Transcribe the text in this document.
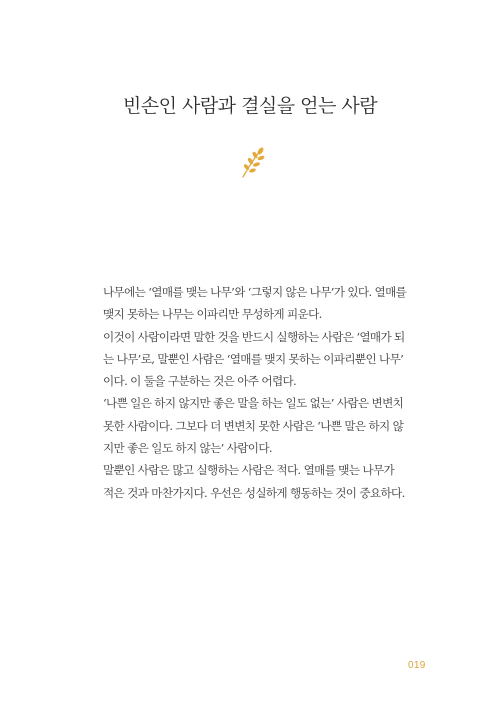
빈손인 사람과 결실을 얻는 사람
나무에는 ‘열매를 맺는 나무’와 ‘그렇지 않은 나무’가 있다. 열매를
맺지 못하는 나무는 이파리만 무성하게 피운다.
이것이 사람이라면 말한 것을 반드시 실행하는 사람은 ‘열매가 되
는 나무’로, 말뿐인 사람은 ‘열매를 맺지 못하는 이파리뿐인 나무’
이다. 이 둘을 구분하는 것은 아주 어렵다.
‘나쁜 일은 하지 않지만 좋은 말을 하는 일도 없는’ 사람은 변변치
못한 사람이다. 그보다 더 변변치 못한 사람은 ‘나쁜 말은 하지 않
지만 좋은 일도 하지 않는’ 사람이다.
말뿐인 사람은 많고 실행하는 사람은 적다. 열매를 맺는 나무가
적은 것과 마찬가지다. 우선은 성실하게 행동하는 것이 중요하다.
019
